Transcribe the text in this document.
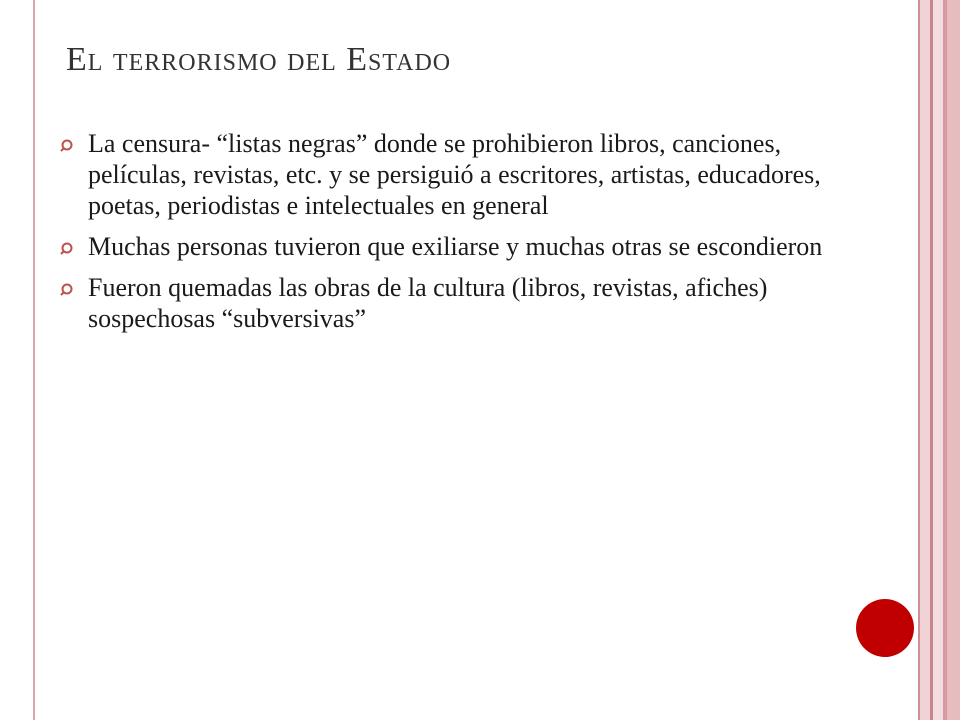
El terrorismo del Estado
La censura- “listas negras” donde se prohibieron libros, canciones, películas, revistas, etc. y se persiguió a escritores, artistas, educadores, poetas, periodistas e intelectuales en general
Muchas personas tuvieron que exiliarse y muchas otras se escondieron
Fueron quemadas las obras de la cultura (libros, revistas, afiches) sospechosas “subversivas”
